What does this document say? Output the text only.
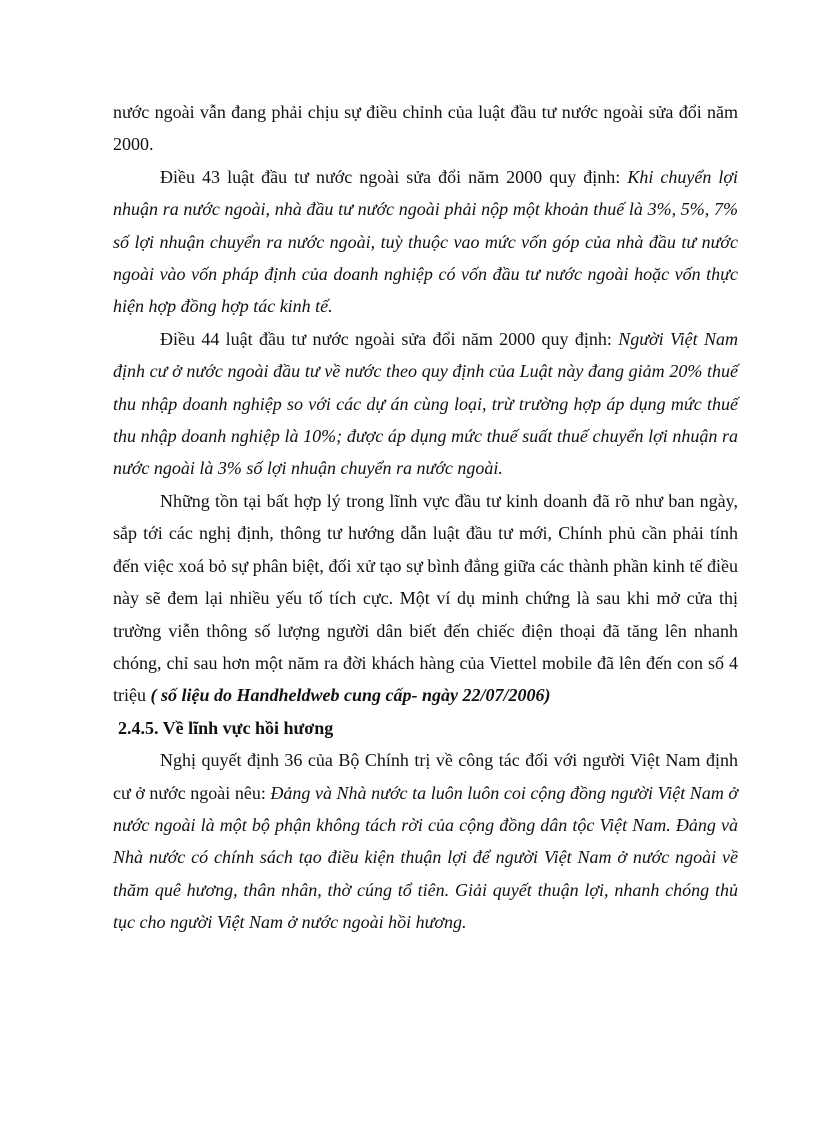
nước ngoài vẫn đang phải chịu sự điều chỉnh của luật đầu tư nước ngoài sửa đổi năm 2000.

Điều 43 luật đầu tư nước ngoài sửa đổi năm 2000 quy định: Khi chuyển lợi nhuận ra nước ngoài, nhà đầu tư nước ngoài phải nộp một khoản thuế là 3%, 5%, 7% số lợi nhuận chuyển ra nước ngoài, tuỳ thuộc vao mức vốn góp của nhà đầu tư nước ngoài vào vốn pháp định của doanh nghiệp có vốn đầu tư nước ngoài hoặc vốn thực hiện hợp đồng hợp tác kinh tế.

Điều 44 luật đầu tư nước ngoài sửa đổi năm 2000 quy định: Người Việt Nam định cư ở nước ngoài đầu tư về nước theo quy định của Luật này đang giảm 20% thuế thu nhập doanh nghiệp so với các dự án cùng loại, trừ trường hợp áp dụng mức thuế thu nhập doanh nghiệp là 10%; được áp dụng mức thuế suất thuế chuyển lợi nhuận ra nước ngoài là 3% số lợi nhuận chuyển ra nước ngoài.

Những tồn tại bất hợp lý trong lĩnh vực đầu tư kinh doanh đã rõ như ban ngày, sắp tới các nghị định, thông tư hướng dẫn luật đầu tư mới, Chính phủ cần phải tính đến việc xoá bỏ sự phân biệt, đối xử tạo sự bình đẳng giữa các thành phần kinh tế điều này sẽ đem lại nhiều yếu tố tích cực. Một ví dụ minh chứng là sau khi mở cửa thị trường viễn thông số lượng người dân biết đến chiếc điện thoại đã tăng lên nhanh chóng, chỉ sau hơn một năm ra đời khách hàng của Viettel mobile đã lên đến con số 4 triệu ( số liệu do Handheldweb cung cấp- ngày 22/07/2006)

2.4.5. Về lĩnh vực hồi hương

Nghị quyết định 36 của Bộ Chính trị về công tác đối với người Việt Nam định cư ở nước ngoài nêu: Đảng và Nhà nước ta luôn luôn coi cộng đồng người Việt Nam ở nước ngoài là một bộ phận không tách rời của cộng đồng dân tộc Việt Nam. Đảng và Nhà nước có chính sách tạo điều kiện thuận lợi để người Việt Nam ở nước ngoài về thăm quê hương, thân nhân, thờ cúng tổ tiên. Giải quyết thuận lợi, nhanh chóng thủ tục cho người Việt Nam ở nước ngoài hồi hương.
